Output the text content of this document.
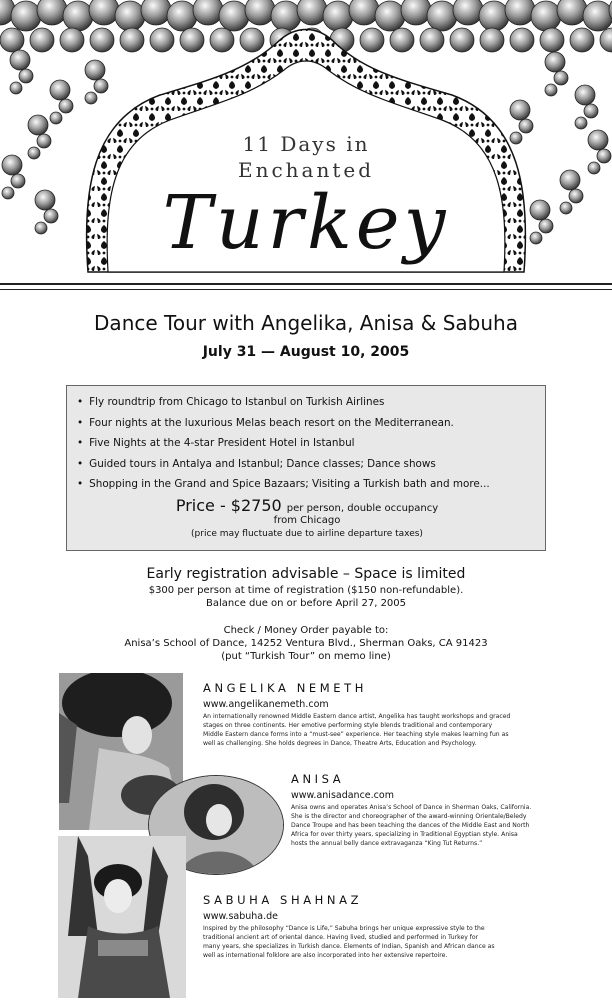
11 Days in
Enchanted
Turkey
Dance Tour with Angelika, Anisa & Sabuha
July 31 — August 10, 2005
• Fly roundtrip from Chicago to Istanbul on Turkish Airlines
• Four nights at the luxurious Melas beach resort on the Mediterranean.
• Five Nights at the 4-star President Hotel in Istanbul
• Guided tours in Antalya and Istanbul; Dance classes; Dance shows
• Shopping in the Grand and Spice Bazaars; Visiting a Turkish bath and more...
Price - $2750 per person, double occupancy
from Chicago
(price may fluctuate due to airline departure taxes)
Early registration advisable – Space is limited
$300 per person at time of registration ($150 non-refundable).
Balance due on or before April 27, 2005
Check / Money Order payable to:
Anisa’s School of Dance, 14252 Ventura Blvd., Sherman Oaks, CA 91423
(put “Turkish Tour” on memo line)
ANGELIKA NEMETH
www.angelikanemeth.com
An internationally renowned Middle Eastern dance artist, Angelika has taught workshops and graced
stages on three continents. Her emotive performing style blends traditional and contemporary
Middle Eastern dance forms into a “must-see” experience. Her teaching style makes learning fun as
well as challenging. She holds degrees in Dance, Theatre Arts, Education and Psychology.
ANISA
www.anisadance.com
Anisa owns and operates Anisa’s School of Dance in Sherman Oaks, California.
She is the director and choreographer of the award-winning Orientale/Beledy
Dance Troupe and has been teaching the dances of the Middle East and North
Africa for over thirty years, specializing in Traditional Egyptian style. Anisa
hosts the annual belly dance extravaganza “King Tut Returns.”
SABUHA SHAHNAZ
www.sabuha.de
Inspired by the philosophy “Dance is Life,” Sabuha brings her unique expressive style to the
traditional ancient art of oriental dance. Having lived, studied and performed in Turkey for
many years, she specializes in Turkish dance. Elements of Indian, Spanish and African dance as
well as international folklore are also incorporated into her extensive repertoire.
